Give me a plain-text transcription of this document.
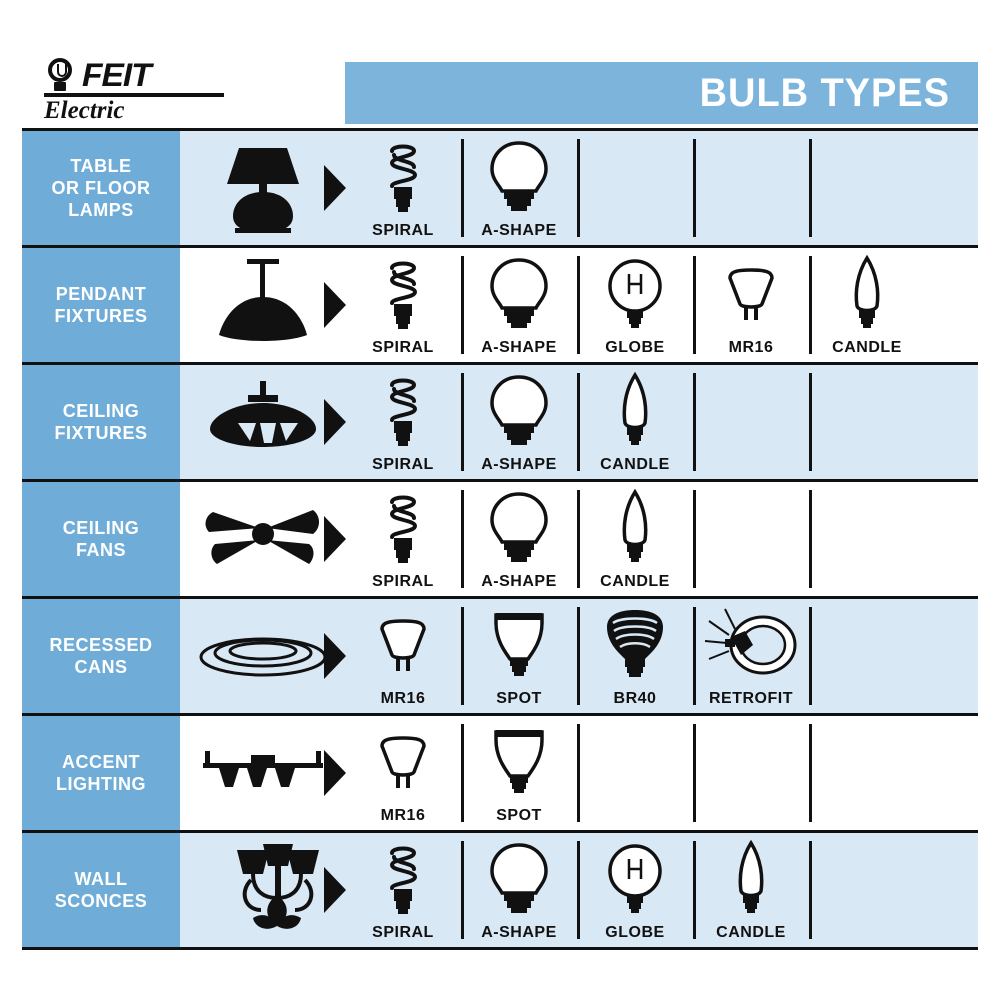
FEIT
Electric	BULB TYPES
TABLE
OR FLOOR
LAMPS
SPIRAL	A-SHAPE
PENDANT
FIXTURES
SPIRAL	A-SHAPE	GLOBE	MR16	CANDLE
CEILING
FIXTURES
SPIRAL	A-SHAPE	CANDLE
CEILING
FANS
SPIRAL	A-SHAPE	CANDLE
RECESSED
CANS
MR16	SPOT	BR40	RETROFIT
ACCENT
LIGHTING
MR16	SPOT
WALL
SCONCES
SPIRAL	A-SHAPE	GLOBE	CANDLE
